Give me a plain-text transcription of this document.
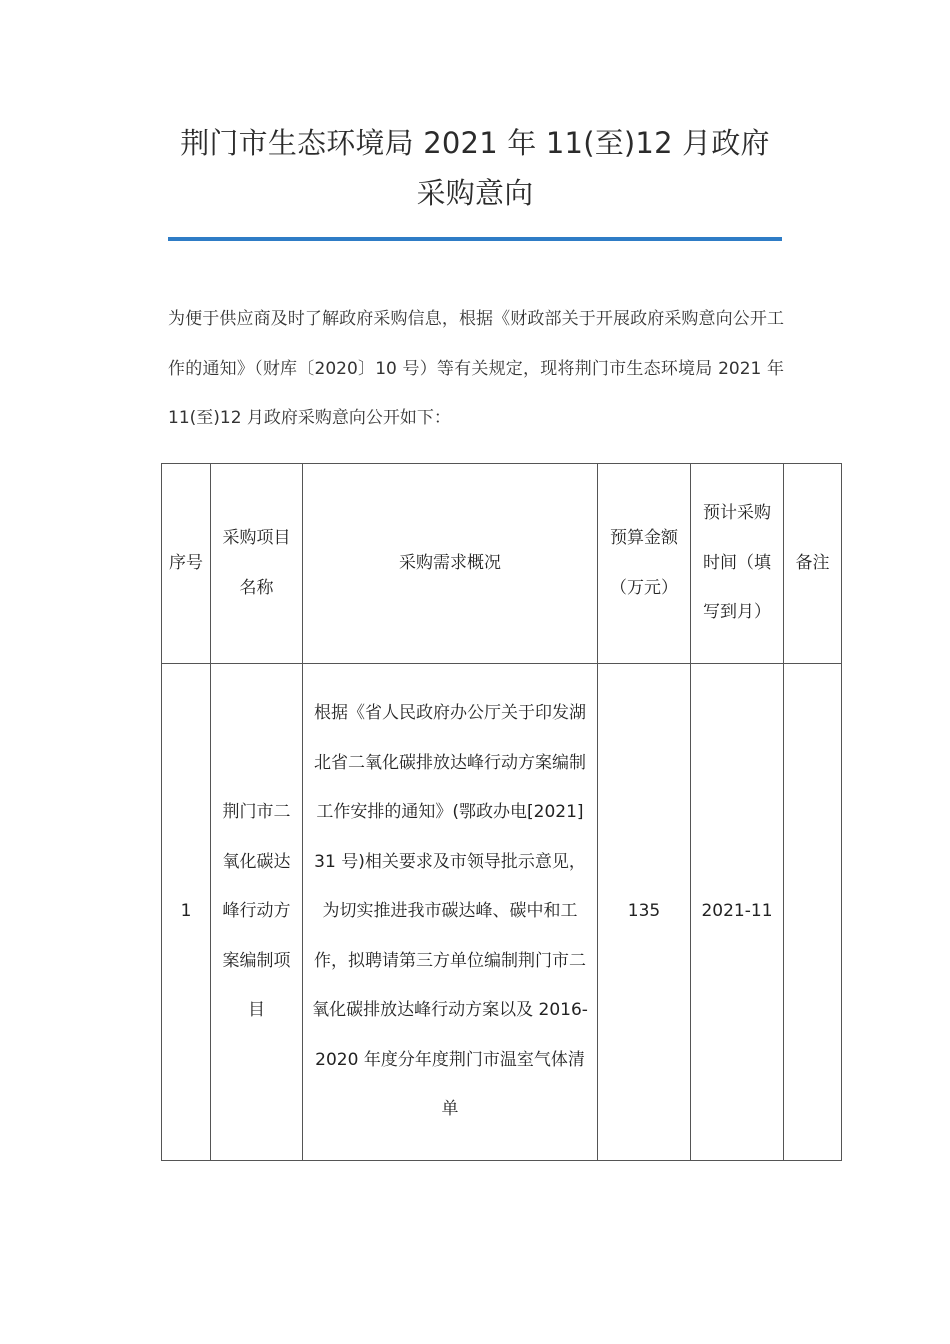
荆门市生态环境局 2021 年 11(至)12 月政府采购意向
为便于供应商及时了解政府采购信息，根据《财政部关于开展政府采购意向公开工作的通知》（财库〔2020〕10 号）等有关规定，现将荆门市生态环境局 2021 年 11(至)12 月政府采购意向公开如下：
序号	采购项目名称	采购需求概况	预算金额（万元）	预计采购时间（填写到月）	备注
1	荆门市二氧化碳达峰行动方案编制项目	根据《省人民政府办公厅关于印发湖北省二氧化碳排放达峰行动方案编制工作安排的通知》(鄂政办电[2021] 31 号)相关要求及市领导批示意见，为切实推进我市碳达峰、碳中和工作，拟聘请第三方单位编制荆门市二氧化碳排放达峰行动方案以及 2016-2020 年度分年度荆门市温室气体清单	135	2021-11	
